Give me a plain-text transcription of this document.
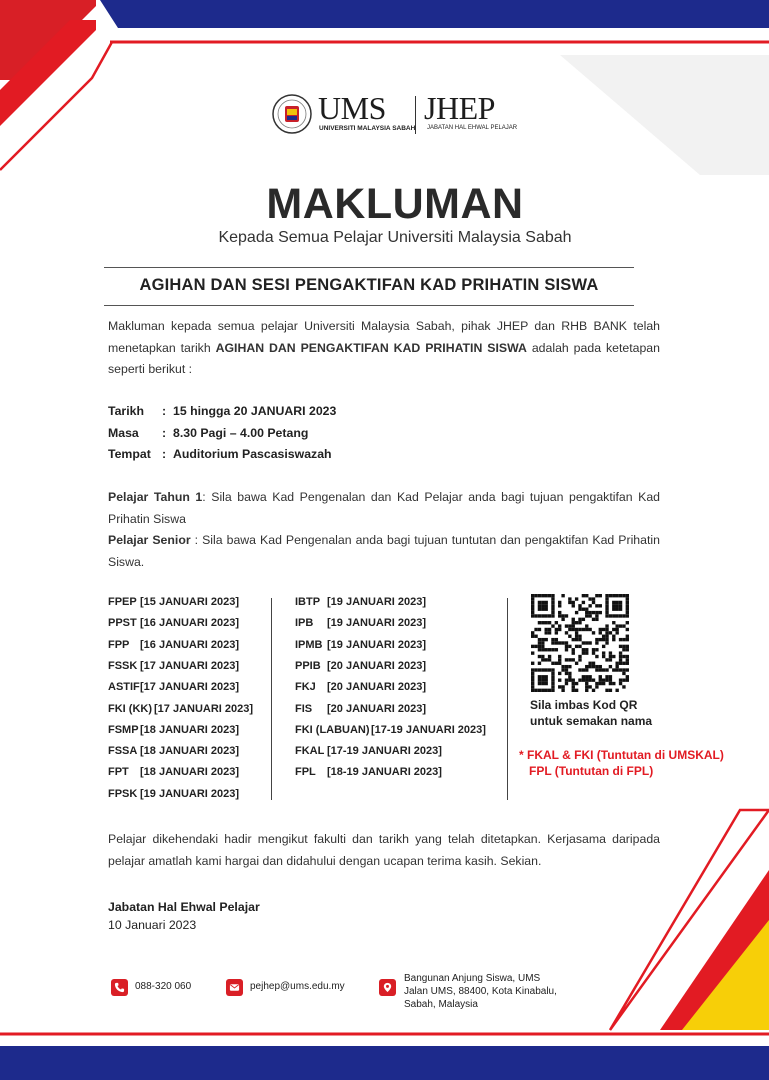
UMS
UNIVERSITI MALAYSIA SABAH
JHEP
JABATAN HAL EHWAL PELAJAR
MAKLUMAN
Kepada Semua Pelajar Universiti Malaysia Sabah
AGIHAN DAN SESI PENGAKTIFAN KAD PRIHATIN SISWA
Makluman kepada semua pelajar Universiti Malaysia Sabah, pihak JHEP dan RHB BANK telah menetapkan tarikh AGIHAN DAN PENGAKTIFAN KAD PRIHATIN SISWA adalah pada ketetapan seperti berikut :
Tarikh	: 15 hingga 20 JANUARI 2023
Masa	: 8.30 Pagi – 4.00 Petang
Tempat : Auditorium Pascasiswazah
Pelajar Tahun 1: Sila bawa Kad Pengenalan dan Kad Pelajar anda bagi tujuan pengaktifan Kad Prihatin Siswa
Pelajar Senior : Sila bawa Kad Pengenalan anda bagi tujuan tuntutan dan pengaktifan Kad Prihatin Siswa.
FPEP [15 JANUARI 2023]
PPST [16 JANUARI 2023]
FPP [16 JANUARI 2023]
FSSK [17 JANUARI 2023]
ASTIF [17 JANUARI 2023]
FKI (KK) [17 JANUARI 2023]
FSMP [18 JANUARI 2023]
FSSA [18 JANUARI 2023]
FPT [18 JANUARI 2023]
FPSK [19 JANUARI 2023]
IBTP [19 JANUARI 2023]
IPB [19 JANUARI 2023]
IPMB [19 JANUARI 2023]
PPIB [20 JANUARI 2023]
FKJ [20 JANUARI 2023]
FIS [20 JANUARI 2023]
FKI (LABUAN) [17-19 JANUARI 2023]
FKAL [17-19 JANUARI 2023]
FPL [18-19 JANUARI 2023]
Sila imbas Kod QR
untuk semakan nama
* FKAL & FKI (Tuntutan di UMSKAL)
FPL (Tuntutan di FPL)
Pelajar dikehendaki hadir mengikut fakulti dan tarikh yang telah ditetapkan. Kerjasama daripada pelajar amatlah kami hargai dan didahului dengan ucapan terima kasih. Sekian.
Jabatan Hal Ehwal Pelajar
10 Januari 2023
088-320 060	pejhep@ums.edu.my
Bangunan Anjung Siswa, UMS
Jalan UMS, 88400, Kota Kinabalu,
Sabah, Malaysia
